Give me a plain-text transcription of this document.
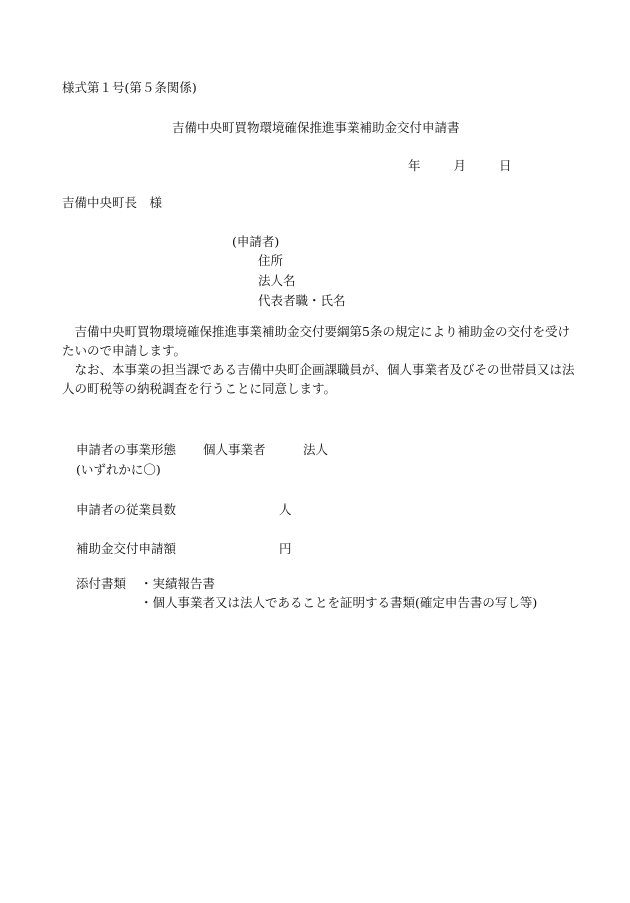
様式第１号(第５条関係)
吉備中央町買物環境確保推進事業補助金交付申請書
年	月	日
吉備中央町長　様
(申請者)
住所
法人名
代表者職・氏名

吉備中央町買物環境確保推進事業補助金交付要綱第5条の規定により補助金の交付を受けたいので申請します。

なお、本事業の担当課である吉備中央町企画課職員が、個人事業者及びその世帯員又は法人の町税等の納税調査を行うことに同意します。

申請者の事業形態
(いずれかに〇)
個人事業者	法人
申請者の従業員数	人
補助金交付申請額	円
添付書類 ・実績報告書
・個人事業者又は法人であることを証明する書類(確定申告書の写し等)
